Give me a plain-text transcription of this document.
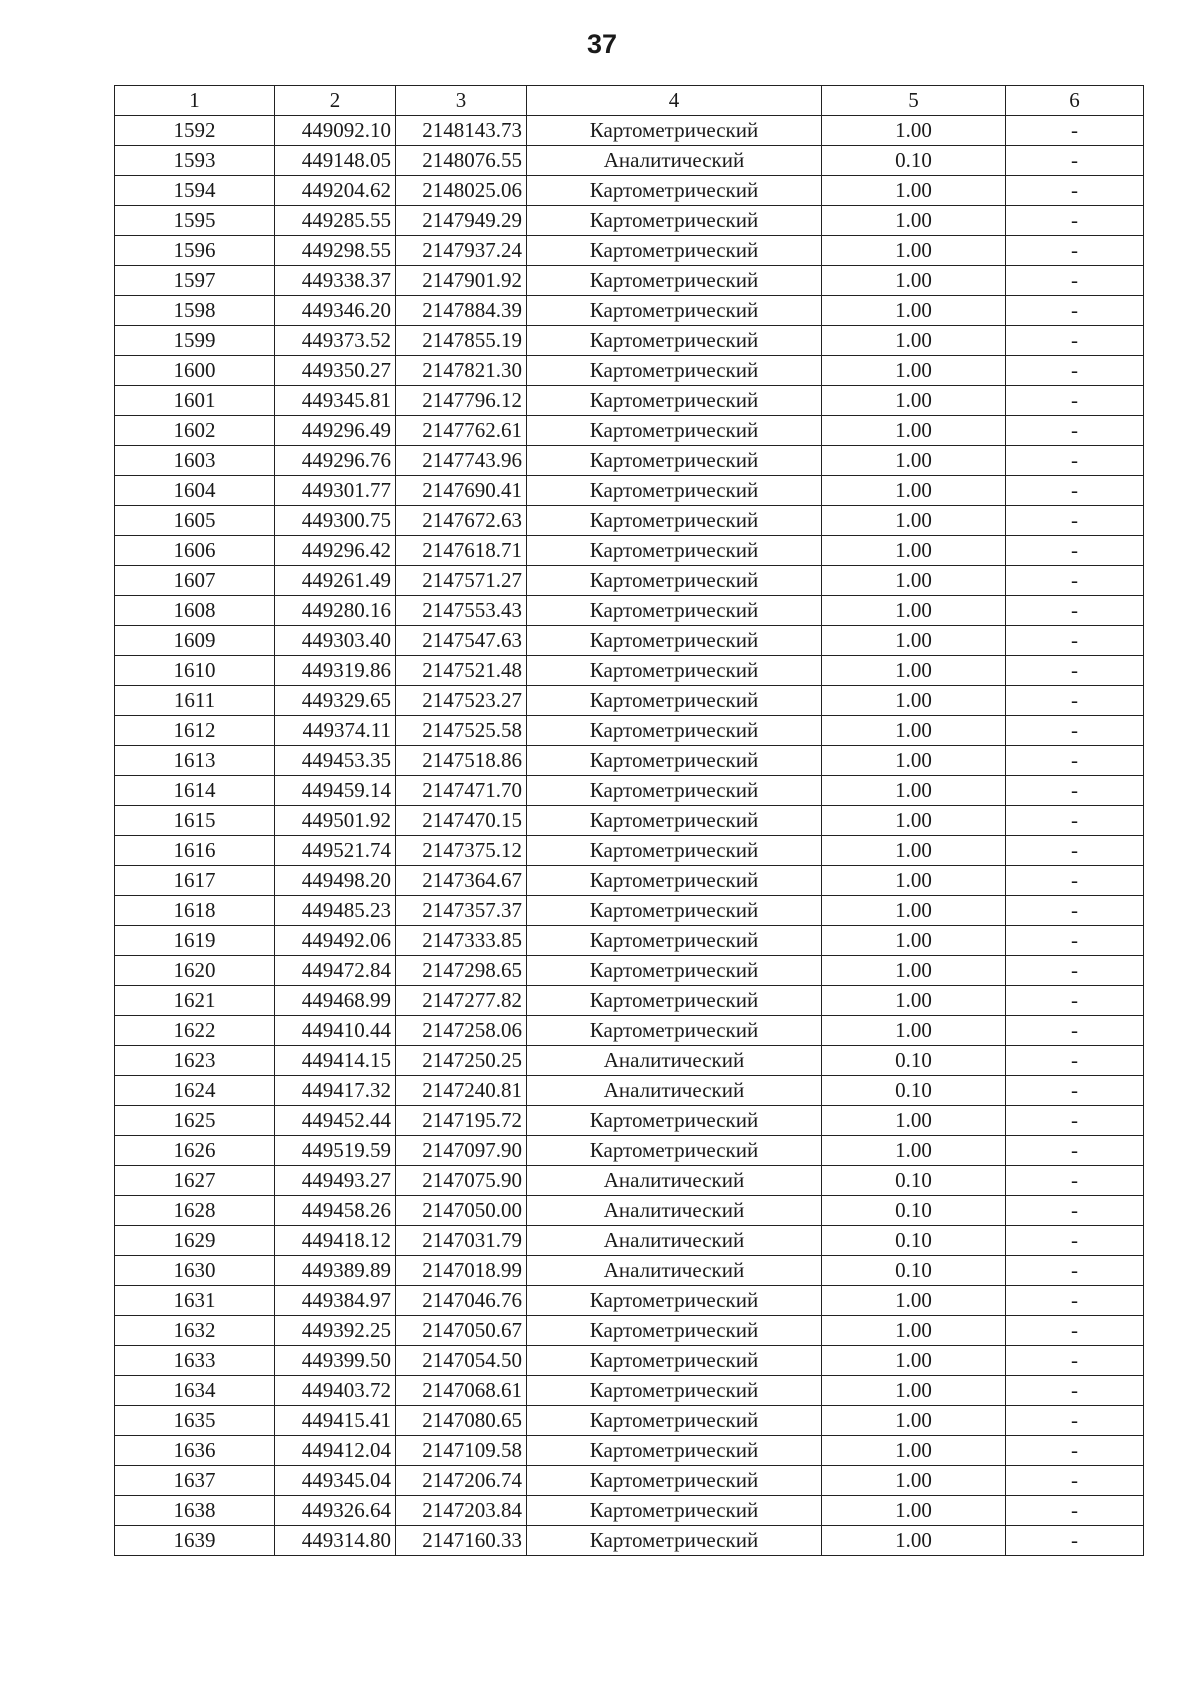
37
1	2	3	4	5	6
1592	449092.10	2148143.73	Картометрический	1.00	-
1593	449148.05	2148076.55	Аналитический	0.10	-
1594	449204.62	2148025.06	Картометрический	1.00	-
1595	449285.55	2147949.29	Картометрический	1.00	-
1596	449298.55	2147937.24	Картометрический	1.00	-
1597	449338.37	2147901.92	Картометрический	1.00	-
1598	449346.20	2147884.39	Картометрический	1.00	-
1599	449373.52	2147855.19	Картометрический	1.00	-
1600	449350.27	2147821.30	Картометрический	1.00	-
1601	449345.81	2147796.12	Картометрический	1.00	-
1602	449296.49	2147762.61	Картометрический	1.00	-
1603	449296.76	2147743.96	Картометрический	1.00	-
1604	449301.77	2147690.41	Картометрический	1.00	-
1605	449300.75	2147672.63	Картометрический	1.00	-
1606	449296.42	2147618.71	Картометрический	1.00	-
1607	449261.49	2147571.27	Картометрический	1.00	-
1608	449280.16	2147553.43	Картометрический	1.00	-
1609	449303.40	2147547.63	Картометрический	1.00	-
1610	449319.86	2147521.48	Картометрический	1.00	-
1611	449329.65	2147523.27	Картометрический	1.00	-
1612	449374.11	2147525.58	Картометрический	1.00	-
1613	449453.35	2147518.86	Картометрический	1.00	-
1614	449459.14	2147471.70	Картометрический	1.00	-
1615	449501.92	2147470.15	Картометрический	1.00	-
1616	449521.74	2147375.12	Картометрический	1.00	-
1617	449498.20	2147364.67	Картометрический	1.00	-
1618	449485.23	2147357.37	Картометрический	1.00	-
1619	449492.06	2147333.85	Картометрический	1.00	-
1620	449472.84	2147298.65	Картометрический	1.00	-
1621	449468.99	2147277.82	Картометрический	1.00	-
1622	449410.44	2147258.06	Картометрический	1.00	-
1623	449414.15	2147250.25	Аналитический	0.10	-
1624	449417.32	2147240.81	Аналитический	0.10	-
1625	449452.44	2147195.72	Картометрический	1.00	-
1626	449519.59	2147097.90	Картометрический	1.00	-
1627	449493.27	2147075.90	Аналитический	0.10	-
1628	449458.26	2147050.00	Аналитический	0.10	-
1629	449418.12	2147031.79	Аналитический	0.10	-
1630	449389.89	2147018.99	Аналитический	0.10	-
1631	449384.97	2147046.76	Картометрический	1.00	-
1632	449392.25	2147050.67	Картометрический	1.00	-
1633	449399.50	2147054.50	Картометрический	1.00	-
1634	449403.72	2147068.61	Картометрический	1.00	-
1635	449415.41	2147080.65	Картометрический	1.00	-
1636	449412.04	2147109.58	Картометрический	1.00	-
1637	449345.04	2147206.74	Картометрический	1.00	-
1638	449326.64	2147203.84	Картометрический	1.00	-
1639	449314.80	2147160.33	Картометрический	1.00	-
